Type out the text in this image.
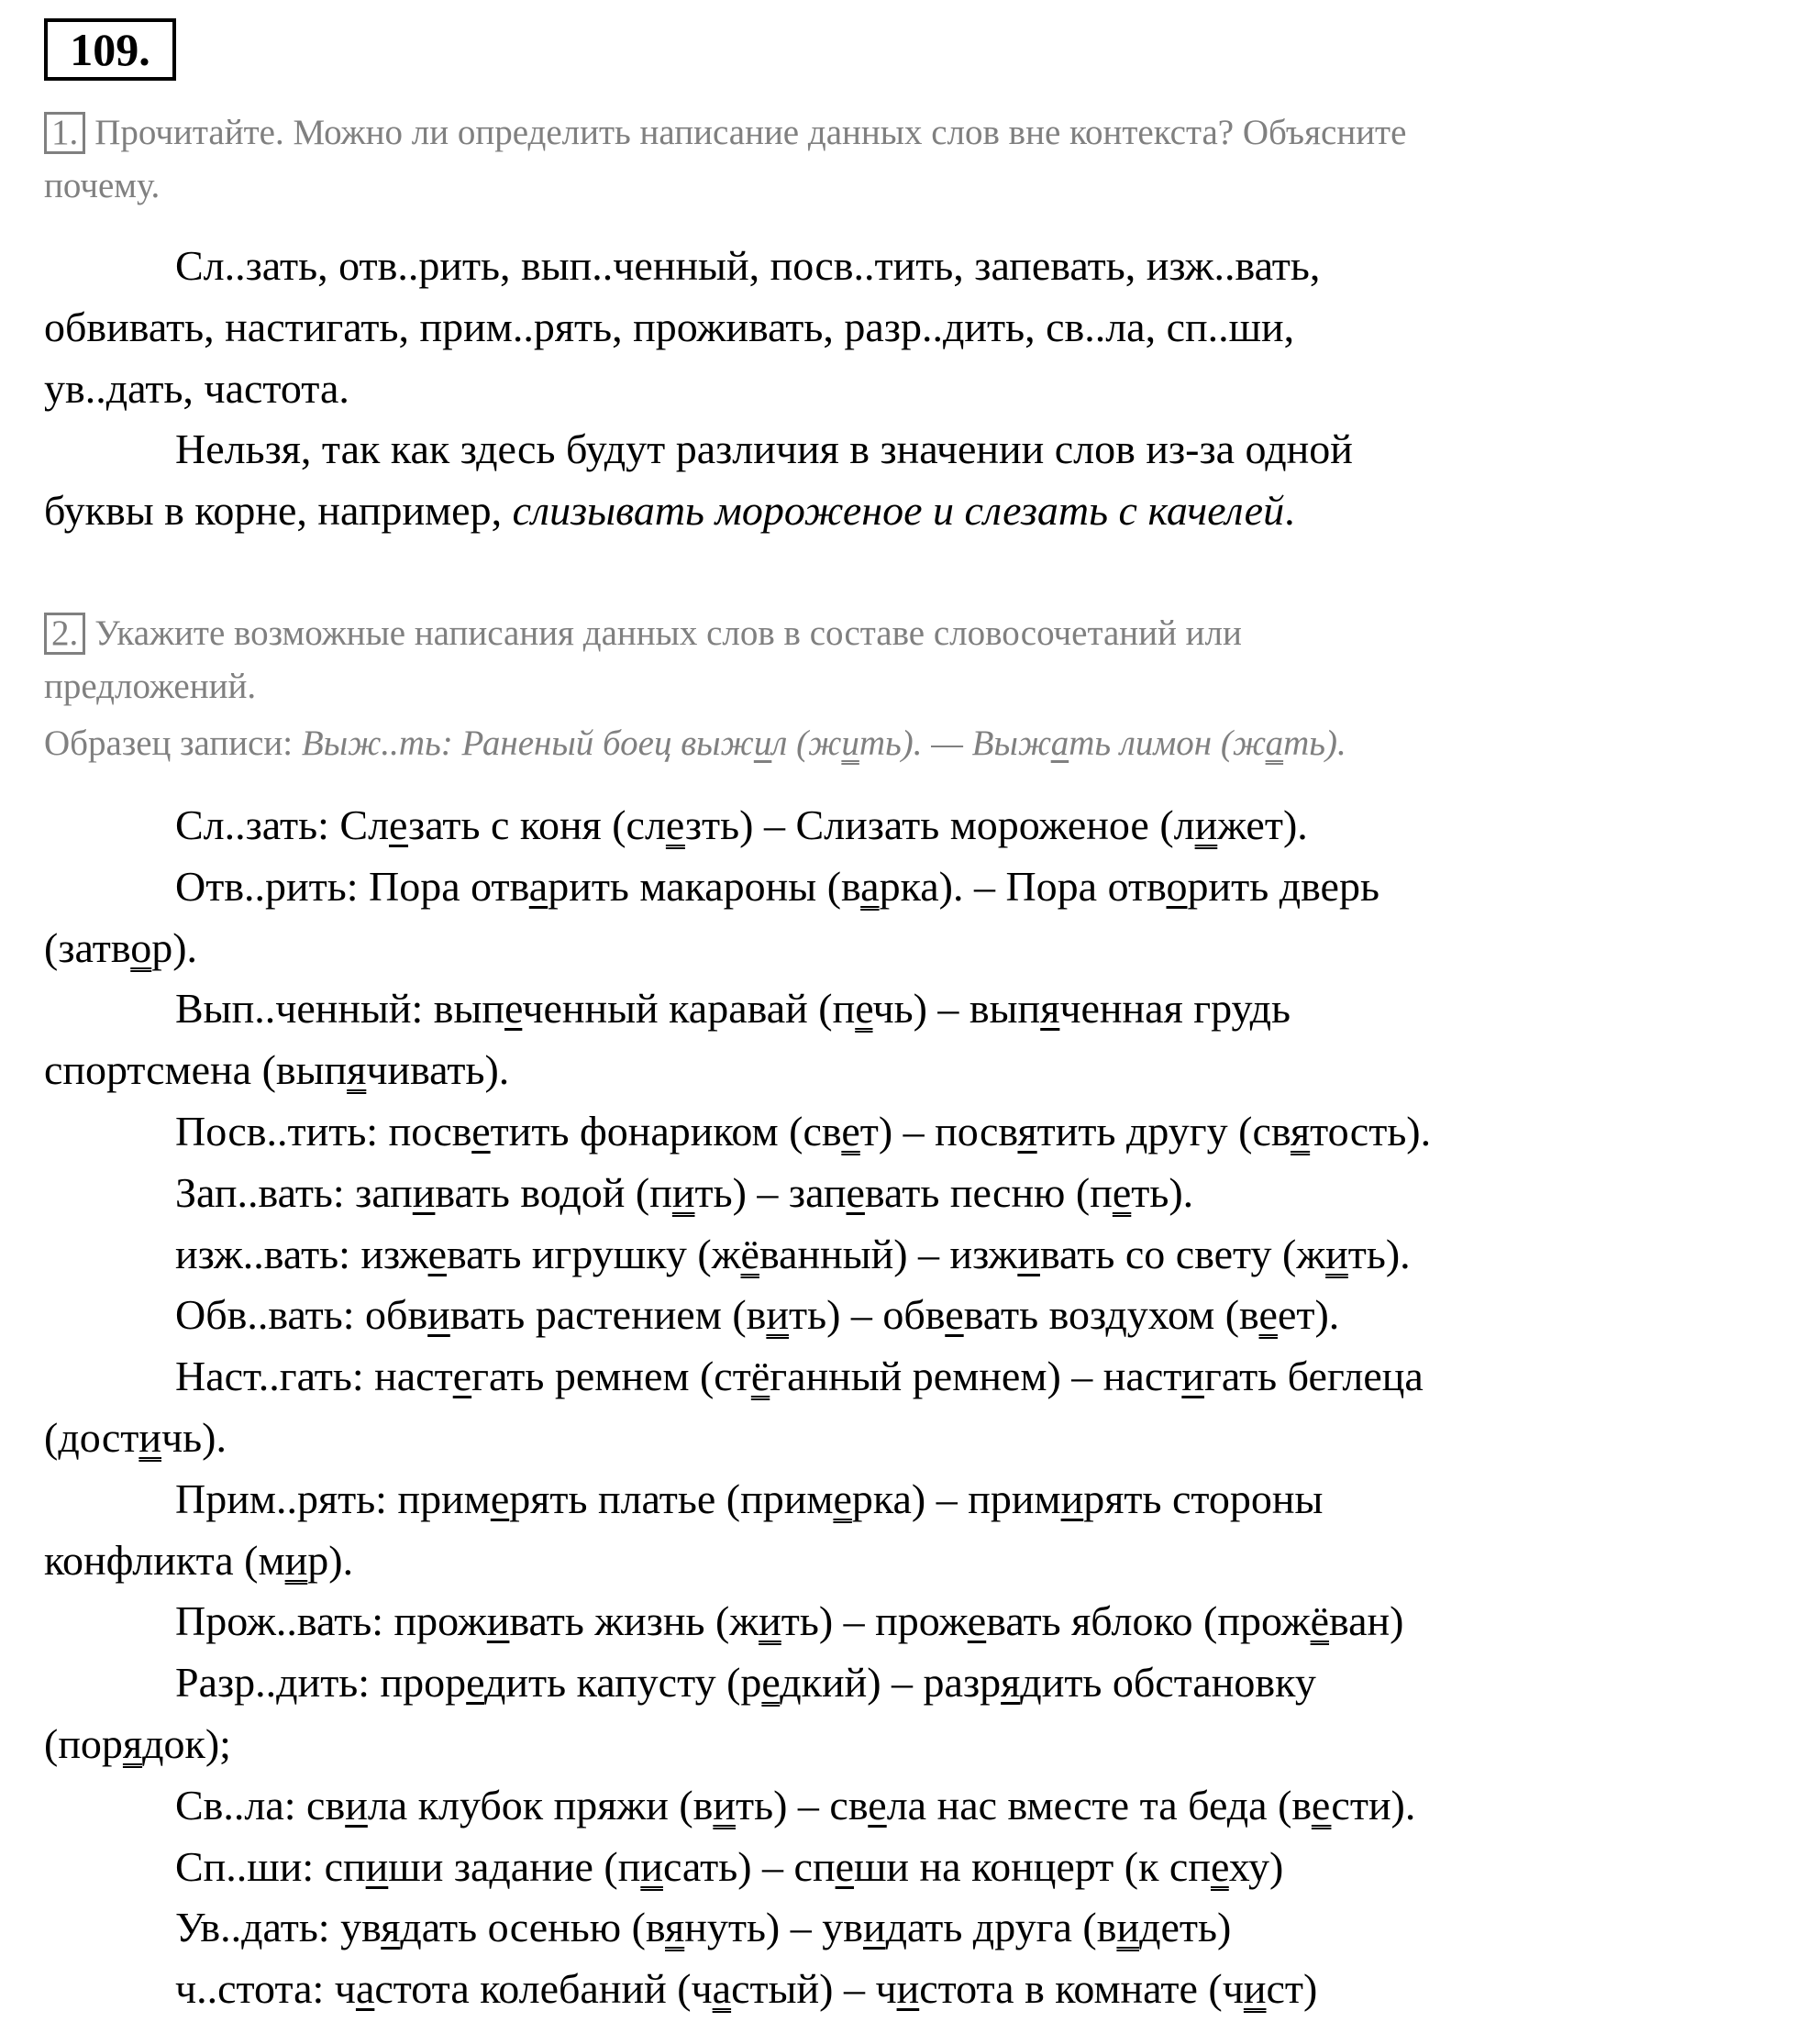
109.
1. Прочитайте. Можно ли определить написание данных слов вне контекста? Объясните
почему.
Сл..зать, отв..рить, вып..ченный, посв..тить, запевать, изж..вать,
обвивать, настигать, прим..рять, проживать, разр..дить, св..ла, сп..ши,
ув..дать, частота.
Нельзя, так как здесь будут различия в значении слов из-за одной
буквы в корне, например, слизывать мороженое и слезать с качелей.
2. Укажите возможные написания данных слов в составе словосочетаний или
предложений.
Образец записи: Выж..ть: Раненый боец выжил (жить). — Выжать лимон (жать).
Сл..зать: Слезать с коня (слезть) – Слизать мороженое (лижет).
Отв..рить: Пора отварить макароны (варка). – Пора отворить дверь
(затвор).
Вып..ченный: выпеченный каравай (печь) – выпяченная грудь
спортсмена (выпячивать).
Посв..тить: посветить фонариком (свет) – посвятить другу (святость).
Зап..вать: запивать водой (пить) – запевать песню (петь).
изж..вать: изжевать игрушку (жёванный) – изживать со свету (жить).
Обв..вать: обвивать растением (вить) – обвевать воздухом (веет).
Наст..гать: настегать ремнем (стёганный ремнем) – настигать беглеца
(достичь).
Прим..рять: примерять платье (примерка) – примирять стороны
конфликта (мир).
Прож..вать: проживать жизнь (жить) – прожевать яблоко (прожёван)
Разр..дить: проредить капусту (редкий) – разрядить обстановку
(порядок);
Св..ла: свила клубок пряжи (вить) – свела нас вместе та беда (вести).
Сп..ши: спиши задание (писать) – спеши на концерт (к спеху)
Ув..дать: увядать осенью (вянуть) – увидать друга (видеть)
ч..стота: частота колебаний (частый) – чистота в комнате (чист)
